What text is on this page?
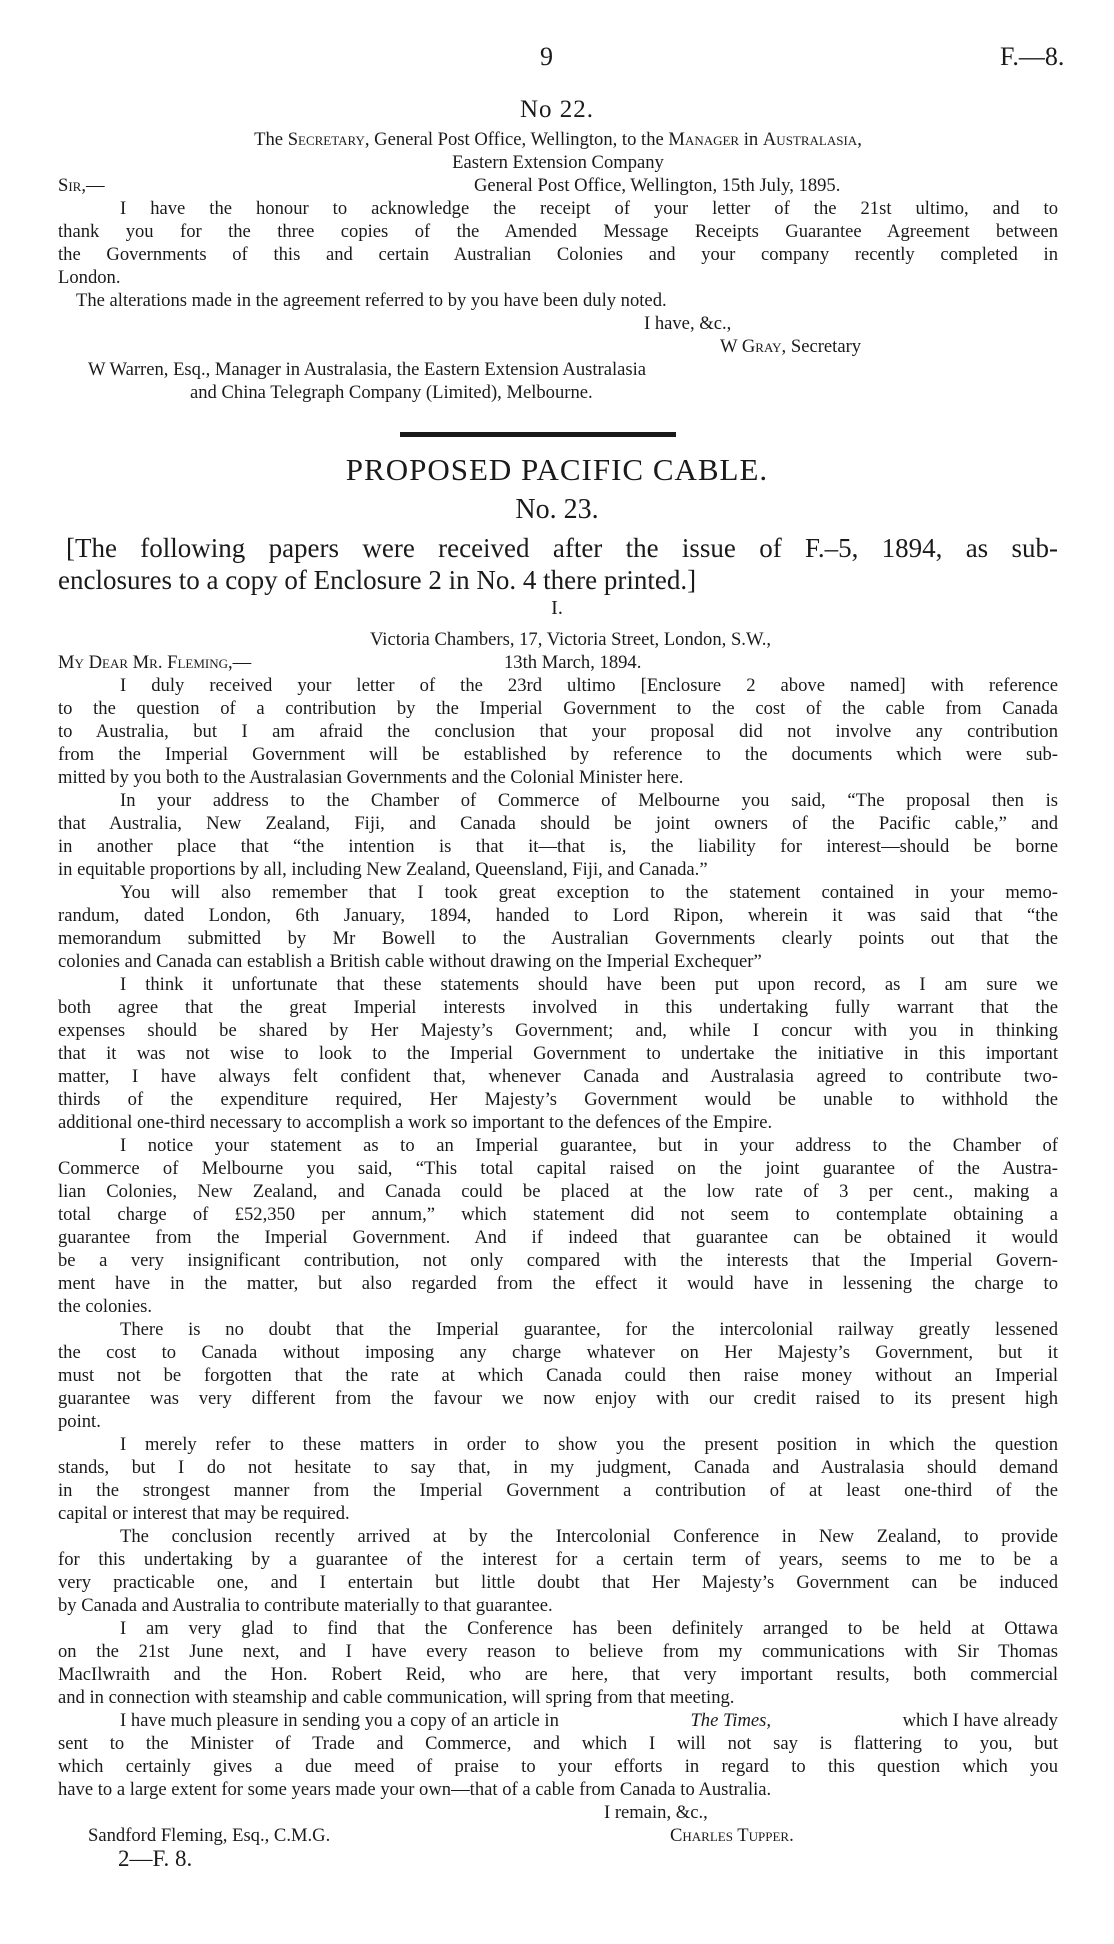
9	F.—8.
No 22.
The Secretary, General Post Office, Wellington, to the Manager in Australasia,
Eastern Extension Company
Sir,—	General Post Office, Wellington, 15th July, 1895.
I have the honour to acknowledge the receipt of your letter of the 21st ultimo, and to
thank you for the three copies of the Amended Message Receipts Guarantee Agreement between
the Governments of this and certain Australian Colonies and your company recently completed in
London.
The alterations made in the agreement referred to by you have been duly noted.
I have, &c.,
W Gray, Secretary
W Warren, Esq., Manager in Australasia, the Eastern Extension Australasia
and China Telegraph Company (Limited), Melbourne.
PROPOSED PACIFIC CABLE.
No. 23.
[The following papers were received after the issue of F.–5, 1894, as sub-
enclosures to a copy of Enclosure 2 in No. 4 there printed.]
I.
Victoria Chambers, 17, Victoria Street, London, S.W.,
My Dear Mr. Fleming,—	13th March, 1894.
I duly received your letter of the 23rd ultimo [Enclosure 2 above named] with reference
to the question of a contribution by the Imperial Government to the cost of the cable from Canada
to Australia, but I am afraid the conclusion that your proposal did not involve any contribution
from the Imperial Government will be established by reference to the documents which were sub-
mitted by you both to the Australasian Governments and the Colonial Minister here.
In your address to the Chamber of Commerce of Melbourne you said, “The proposal then is
that Australia, New Zealand, Fiji, and Canada should be joint owners of the Pacific cable,” and
in another place that “the intention is that it—that is, the liability for interest—should be borne
in equitable proportions by all, including New Zealand, Queensland, Fiji, and Canada.”
You will also remember that I took great exception to the statement contained in your memo-
randum, dated London, 6th January, 1894, handed to Lord Ripon, wherein it was said that “the
memorandum submitted by Mr Bowell to the Australian Governments clearly points out that the
colonies and Canada can establish a British cable without drawing on the Imperial Exchequer”
I think it unfortunate that these statements should have been put upon record, as I am sure we
both agree that the great Imperial interests involved in this undertaking fully warrant that the
expenses should be shared by Her Majesty’s Government; and, while I concur with you in thinking
that it was not wise to look to the Imperial Government to undertake the initiative in this important
matter, I have always felt confident that, whenever Canada and Australasia agreed to contribute two-
thirds of the expenditure required, Her Majesty’s Government would be unable to withhold the
additional one-third necessary to accomplish a work so important to the defences of the Empire.
I notice your statement as to an Imperial guarantee, but in your address to the Chamber of
Commerce of Melbourne you said, “This total capital raised on the joint guarantee of the Austra-
lian Colonies, New Zealand, and Canada could be placed at the low rate of 3 per cent., making a
total charge of £52,350 per annum,” which statement did not seem to contemplate obtaining a
guarantee from the Imperial Government. And if indeed that guarantee can be obtained it would
be a very insignificant contribution, not only compared with the interests that the Imperial Govern-
ment have in the matter, but also regarded from the effect it would have in lessening the charge to
the colonies.
There is no doubt that the Imperial guarantee, for the intercolonial railway greatly lessened
the cost to Canada without imposing any charge whatever on Her Majesty’s Government, but it
must not be forgotten that the rate at which Canada could then raise money without an Imperial
guarantee was very different from the favour we now enjoy with our credit raised to its present high
point.
I merely refer to these matters in order to show you the present position in which the question
stands, but I do not hesitate to say that, in my judgment, Canada and Australasia should demand
in the strongest manner from the Imperial Government a contribution of at least one-third of the
capital or interest that may be required.
The conclusion recently arrived at by the Intercolonial Conference in New Zealand, to provide
for this undertaking by a guarantee of the interest for a certain term of years, seems to me to be a
very practicable one, and I entertain but little doubt that Her Majesty’s Government can be induced
by Canada and Australia to contribute materially to that guarantee.
I am very glad to find that the Conference has been definitely arranged to be held at Ottawa
on the 21st June next, and I have every reason to believe from my communications with Sir Thomas
MacIlwraith and the Hon. Robert Reid, who are here, that very important results, both commercial
and in connection with steamship and cable communication, will spring from that meeting.
I have much pleasure in sending you a copy of an article in	The Times,	which I have already
sent to the Minister of Trade and Commerce, and which I will not say is flattering to you, but
which certainly gives a due meed of praise to your efforts in regard to this question which you
have to a large extent for some years made your own—that of a cable from Canada to Australia.
I remain, &c.,
Sandford Fleming, Esq., C.M.G.	Charles Tupper.
2—F. 8.
